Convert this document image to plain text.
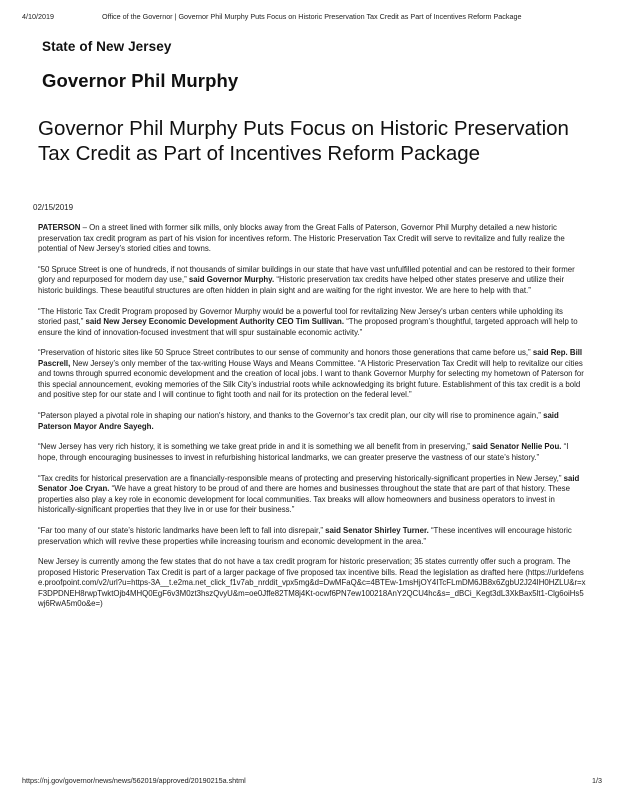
4/10/2019	Office of the Governor | Governor Phil Murphy Puts Focus on Historic Preservation Tax Credit as Part of Incentives Reform Package
State of New Jersey
Governor Phil Murphy
Governor Phil Murphy Puts Focus on Historic Preservation Tax Credit as Part of Incentives Reform Package
02/15/2019

PATERSON – On a street lined with former silk mills, only blocks away from the Great Falls of Paterson, Governor Phil Murphy detailed a new historic preservation tax credit program as part of his vision for incentives reform. The Historic Preservation Tax Credit will serve to revitalize and fully realize the potential of New Jersey’s storied cities and towns.

“50 Spruce Street is one of hundreds, if not thousands of similar buildings in our state that have vast unfulfilled potential and can be restored to their former glory and repurposed for modern day use,” said Governor Murphy. “Historic preservation tax credits have helped other states preserve and utilize their historic buildings. These beautiful structures are often hidden in plain sight and are waiting for the right investor. We are here to help with that.”

“The Historic Tax Credit Program proposed by Governor Murphy would be a powerful tool for revitalizing New Jersey's urban centers while upholding its storied past,” said New Jersey Economic Development Authority CEO Tim Sullivan. “The proposed program’s thoughtful, targeted approach will help to ensure the kind of innovation-focused investment that will spur sustainable economic activity.”

“Preservation of historic sites like 50 Spruce Street contributes to our sense of community and honors those generations that came before us,” said Rep. Bill Pascrell, New Jersey’s only member of the tax-writing House Ways and Means Committee. “A Historic Preservation Tax Credit will help to revitalize our cities and towns through spurred economic development and the creation of local jobs. I want to thank Governor Murphy for selecting my hometown of Paterson for this special announcement, evoking memories of the Silk City’s industrial roots while acknowledging its bright future. Establishment of this tax credit is a bold and positive step for our state and I will continue to fight tooth and nail for its protection on the federal level.”

“Paterson played a pivotal role in shaping our nation's history, and thanks to the Governor’s tax credit plan, our city will rise to prominence again,” said Paterson Mayor Andre Sayegh.

“New Jersey has very rich history, it is something we take great pride in and it is something we all benefit from in preserving,” said Senator Nellie Pou. “I hope, through encouraging businesses to invest in refurbishing historical landmarks, we can greater preserve the vastness of our state’s history.”

“Tax credits for historical preservation are a financially-responsible means of protecting and preserving historically-significant properties in New Jersey,” said Senator Joe Cryan. “We have a great history to be proud of and there are homes and businesses throughout the state that are part of that history. These properties also play a key role in economic development for local communities. Tax breaks will allow homeowners and business operators to invest in historically-significant properties that they live in or use for their business.”

“Far too many of our state’s historic landmarks have been left to fall into disrepair,” said Senator Shirley Turner. “These incentives will encourage historic preservation which will revive these properties while increasing tourism and economic development in the area.”

New Jersey is currently among the few states that do not have a tax credit program for historic preservation; 35 states currently offer such a program. The proposed Historic Preservation Tax Credit is part of a larger package of five proposed tax incentive bills. Read the legislation as drafted here (https://urldefense.proofpoint.com/v2/url?u=https-3A__t.e2ma.net_click_f1v7ab_nrddit_vpx5mg&d=DwMFaQ&c=4BTEw-1msHjOY4ITcFLmDM6JB8x6ZgbU2J24IH0HZLU&r=xF3DPDNEH8rwpTwktOjb4MHQ0EgF6v3M0zt3hszQvyU&m=oe0Jffe82TM8j4Kt-ocwf6PN7ew100218AnY2QCU4hc&s=_dBCi_Kegt3dL3XkBax5lt1-Clg6oiHs5wj6RwA5m0o&e=)

https://nj.gov/governor/news/news/562019/approved/20190215a.shtml	1/3
